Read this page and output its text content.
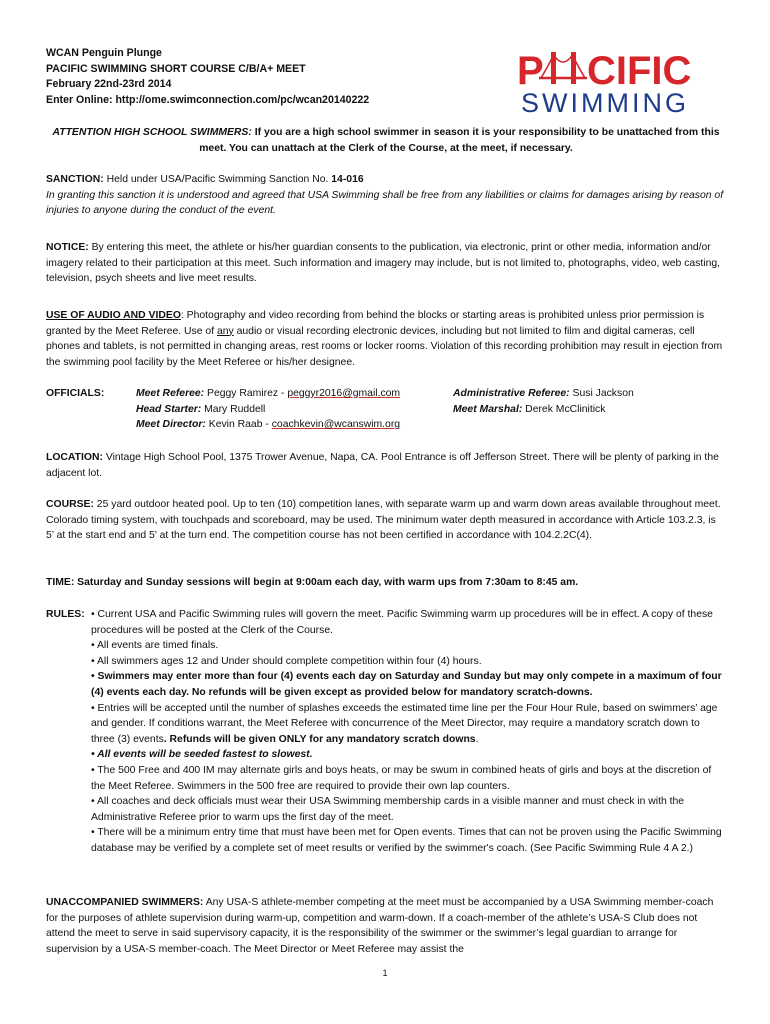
WCAN Penguin Plunge
PACIFIC SWIMMING SHORT COURSE C/B/A+ MEET
February 22nd-23rd 2014
Enter Online: http://ome.swimconnection.com/pc/wcan20140222
P CIFIC
SWIMMING

ATTENTION HIGH SCHOOL SWIMMERS: If you are a high school swimmer in season it is your responsibility to be unattached from this meet. You can unattach at the Clerk of the Course, at the meet, if necessary.

SANCTION: Held under USA/Pacific Swimming Sanction No. 14-016

In granting this sanction it is understood and agreed that USA Swimming shall be free from any liabilities or claims for damages arising by reason of injuries to anyone during the conduct of the event.

NOTICE: By entering this meet, the athlete or his/her guardian consents to the publication, via electronic, print or other media, information and/or imagery related to their participation at this meet. Such information and imagery may include, but is not limited to, photographs, video, web casting, television, psych sheets and live meet results.

USE OF AUDIO AND VIDEO: Photography and video recording from behind the blocks or starting areas is prohibited unless prior permission is granted by the Meet Referee. Use of any audio or visual recording electronic devices, including but not limited to film and digital cameras, cell phones and tablets, is not permitted in changing areas, rest rooms or locker rooms. Violation of this recording prohibition may result in ejection from the swimming pool facility by the Meet Referee or his/her designee.

OFFICIALS:	Meet Referee: Peggy Ramirez - peggyr2016@gmail.com
Head Starter: Mary Ruddell
Meet Director: Kevin Raab - coachkevin@wcanswim.org
Administrative Referee: Susi Jackson
Meet Marshal: Derek McClinitick

LOCATION: Vintage High School Pool, 1375 Trower Avenue, Napa, CA. Pool Entrance is off Jefferson Street. There will be plenty of parking in the adjacent lot.

COURSE: 25 yard outdoor heated pool. Up to ten (10) competition lanes, with separate warm up and warm down areas available throughout meet. Colorado timing system, with touchpads and scoreboard, may be used. The minimum water depth measured in accordance with Article 103.2.3, is 5’ at the start end and 5’ at the turn end. The competition course has not been certified in accordance with 104.2.2C(4).

TIME: Saturday and Sunday sessions will begin at 9:00am each day, with warm ups from 7:30am to 8:45 am.

RULES: • Current USA and Pacific Swimming rules will govern the meet. Pacific Swimming warm up procedures will be in effect. A copy of these procedures will be posted at the Clerk of the Course.

• All events are timed finals.

• All swimmers ages 12 and Under should complete competition within four (4) hours.

• Swimmers may enter more than four (4) events each day on Saturday and Sunday but may only compete in a maximum of four (4) events each day. No refunds will be given except as provided below for mandatory scratch-downs.

• Entries will be accepted until the number of splashes exceeds the estimated time line per the Four Hour Rule, based on swimmers’ age and gender. If conditions warrant, the Meet Referee with concurrence of the Meet Director, may require a mandatory scratch down to three (3) events. Refunds will be given ONLY for any mandatory scratch downs.

• All events will be seeded fastest to slowest.

• The 500 Free and 400 IM may alternate girls and boys heats, or may be swum in combined heats of girls and boys at the discretion of the Meet Referee. Swimmers in the 500 free are required to provide their own lap counters.

• All coaches and deck officials must wear their USA Swimming membership cards in a visible manner and must check in with the Administrative Referee prior to warm ups the first day of the meet.

• There will be a minimum entry time that must have been met for Open events. Times that can not be proven using the Pacific Swimming database may be verified by a complete set of meet results or verified by the swimmer's coach. (See Pacific Swimming Rule 4 A 2.)

UNACCOMPANIED SWIMMERS: Any USA-S athlete-member competing at the meet must be accompanied by a USA Swimming member-coach for the purposes of athlete supervision during warm-up, competition and warm-down. If a coach-member of the athlete’s USA-S Club does not attend the meet to serve in said supervisory capacity, it is the responsibility of the swimmer or the swimmer’s legal guardian to arrange for supervision by a USA-S member-coach. The Meet Director or Meet Referee may assist the

1
